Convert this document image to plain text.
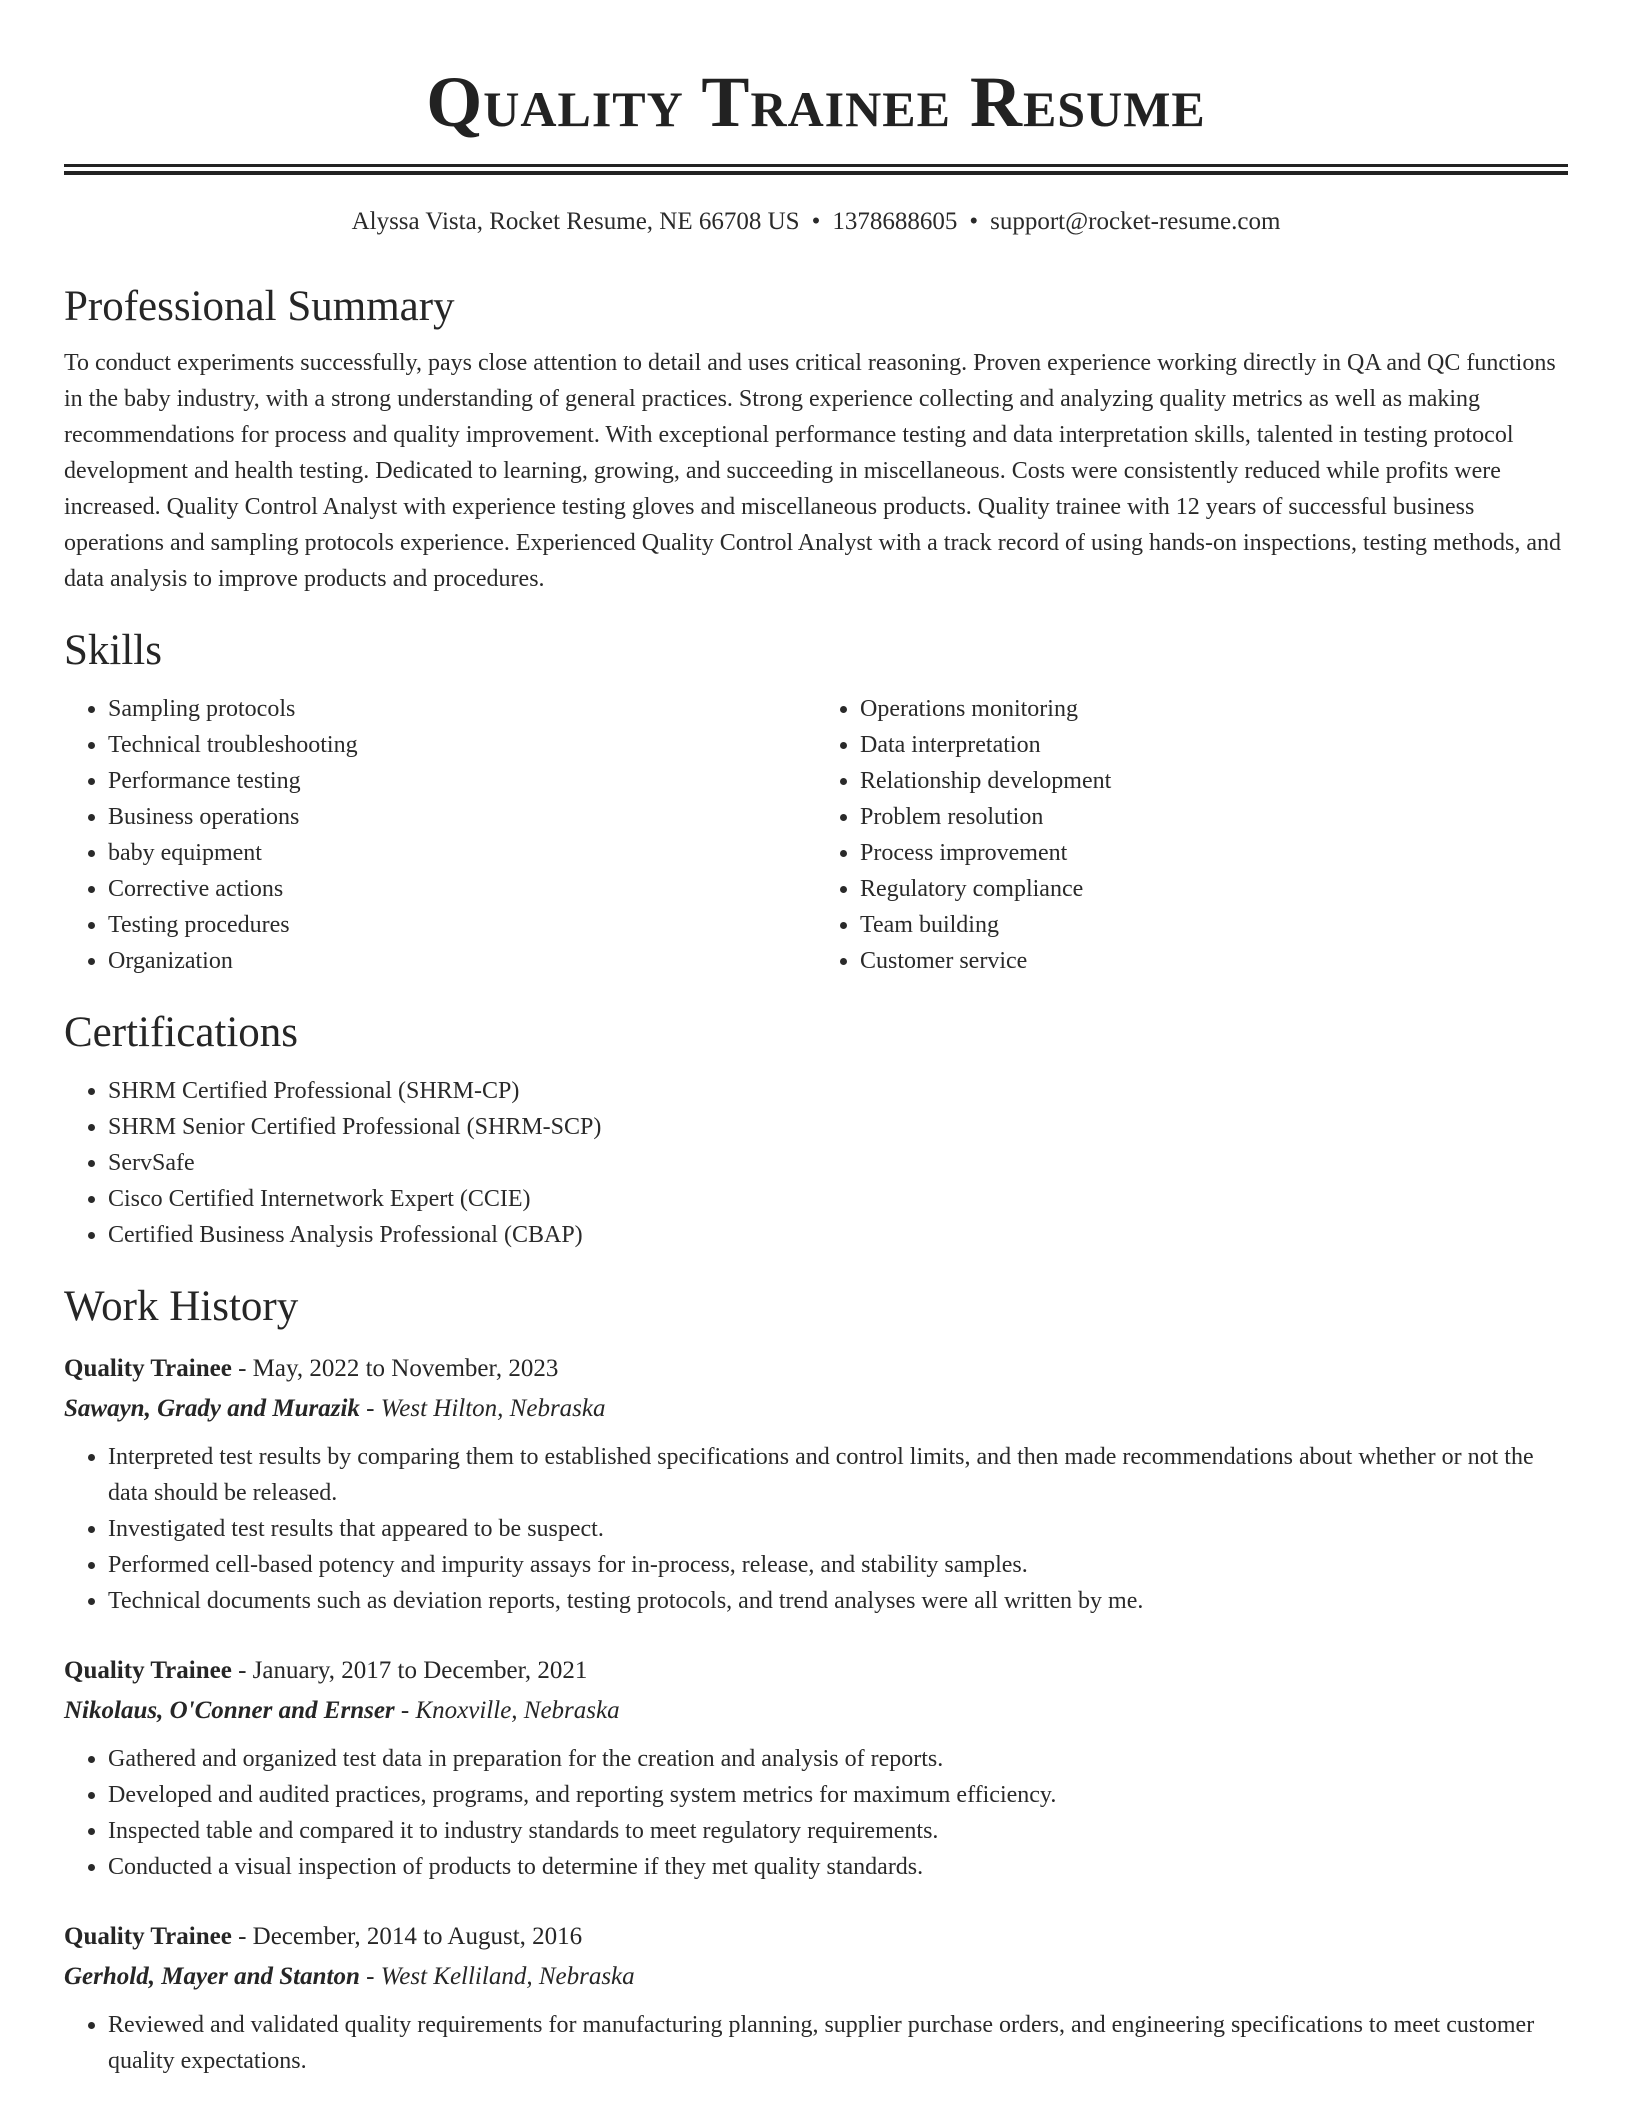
Quality Trainee Resume
Alyssa Vista, Rocket Resume, NE 66708 US • 1378688605 • support@rocket-resume.com
Professional Summary

To conduct experiments successfully, pays close attention to detail and uses critical reasoning. Proven experience working directly in QA and QC functions in the baby industry, with a strong understanding of general practices. Strong experience collecting and analyzing quality metrics as well as making recommendations for process and quality improvement. With exceptional performance testing and data interpretation skills, talented in testing protocol development and health testing. Dedicated to learning, growing, and succeeding in miscellaneous. Costs were consistently reduced while profits were increased. Quality Control Analyst with experience testing gloves and miscellaneous products. Quality trainee with 12 years of successful business operations and sampling protocols experience. Experienced Quality Control Analyst with a track record of using hands-on inspections, testing methods, and data analysis to improve products and procedures.

Skills
• Sampling protocols
• Technical troubleshooting
• Performance testing
• Business operations
• baby equipment
• Corrective actions
• Testing procedures
• Organization
• Operations monitoring
• Data interpretation
• Relationship development
• Problem resolution
• Process improvement
• Regulatory compliance
• Team building
• Customer service
Certifications
• SHRM Certified Professional (SHRM-CP)
• SHRM Senior Certified Professional (SHRM-SCP)
• ServSafe
• Cisco Certified Internetwork Expert (CCIE)
• Certified Business Analysis Professional (CBAP)
Work History
Quality Trainee - May, 2022 to November, 2023
Sawayn, Grady and Murazik - West Hilton, Nebraska
• Interpreted test results by comparing them to established specifications and control limits, and then made recommendations about whether or not the data should be released.
• Investigated test results that appeared to be suspect.
• Performed cell-based potency and impurity assays for in-process, release, and stability samples.
• Technical documents such as deviation reports, testing protocols, and trend analyses were all written by me.
Quality Trainee - January, 2017 to December, 2021
Nikolaus, O'Conner and Ernser - Knoxville, Nebraska
• Gathered and organized test data in preparation for the creation and analysis of reports.
• Developed and audited practices, programs, and reporting system metrics for maximum efficiency.
• Inspected table and compared it to industry standards to meet regulatory requirements.
• Conducted a visual inspection of products to determine if they met quality standards.
Quality Trainee - December, 2014 to August, 2016
Gerhold, Mayer and Stanton - West Kelliland, Nebraska
• Reviewed and validated quality requirements for manufacturing planning, supplier purchase orders, and engineering specifications to meet customer quality expectations.
